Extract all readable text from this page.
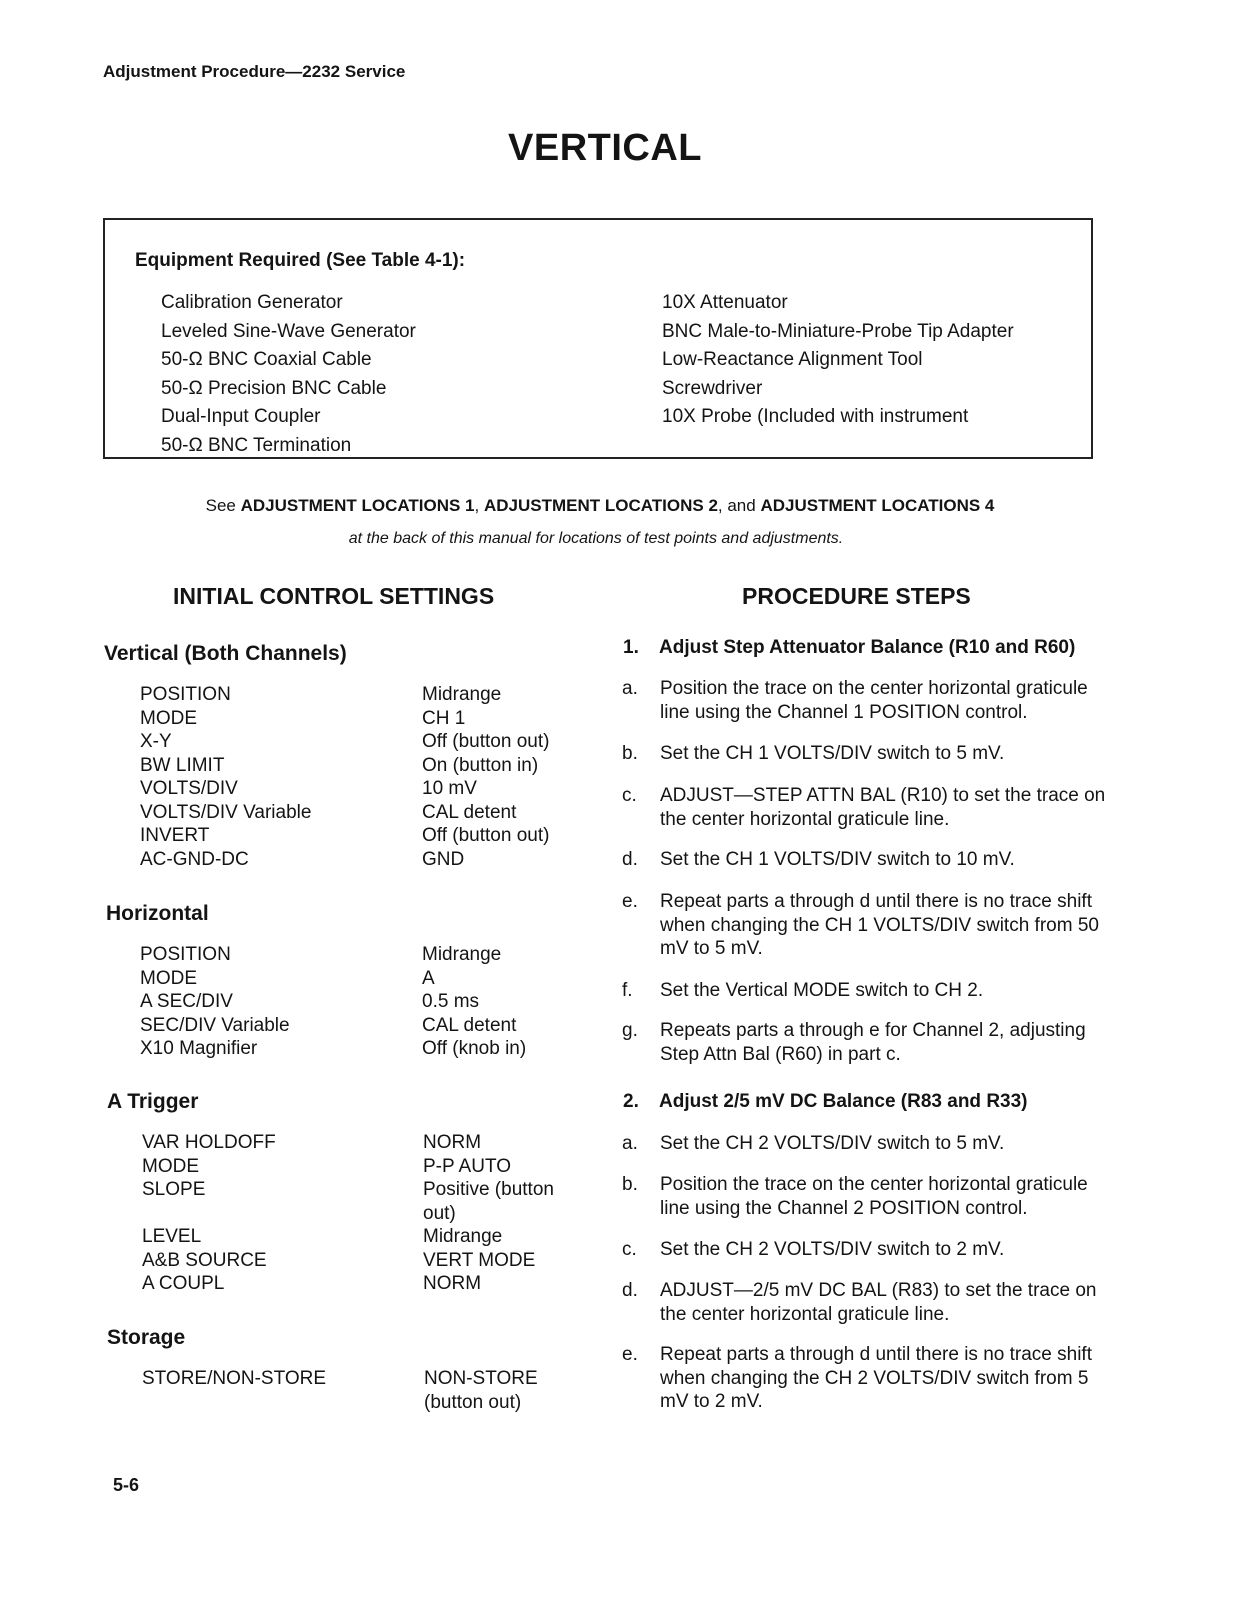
Adjustment Procedure—2232 Service
VERTICAL
Equipment Required (See Table 4-1):
Calibration Generator
Leveled Sine-Wave Generator
50-Ω BNC Coaxial Cable
50-Ω Precision BNC Cable
Dual-Input Coupler
50-Ω BNC Termination
10X Attenuator
BNC Male-to-Miniature-Probe Tip Adapter
Low-Reactance Alignment Tool
Screwdriver
10X Probe (Included with instrument
See ADJUSTMENT LOCATIONS 1, ADJUSTMENT LOCATIONS 2, and ADJUSTMENT LOCATIONS 4
at the back of this manual for locations of test points and adjustments.
INITIAL CONTROL SETTINGS	PROCEDURE STEPS
Vertical (Both Channels)
POSITION
MODE
X-Y
BW LIMIT
VOLTS/DIV
VOLTS/DIV Variable
INVERT
AC-GND-DC
Midrange
CH 1
Off (button out)
On (button in)
10 mV
CAL detent
Off (button out)
GND
Horizontal
POSITION
MODE
A SEC/DIV
SEC/DIV Variable
X10 Magnifier
Midrange
A
0.5 ms
CAL detent
Off (knob in)
A Trigger
VAR HOLDOFF
MODE
SLOPE
LEVEL
A&B SOURCE
A COUPL
NORM
P-P AUTO
Positive (button
out)
Midrange
VERT MODE
NORM
Storage
STORE/NON-STORE	NON-STORE
(button out)
1. Adjust Step Attenuator Balance (R10 and R60)
a. Position the trace on the center horizontal graticule line using the Channel 1 POSITION control.
b. Set the CH 1 VOLTS/DIV switch to 5 mV.
c. ADJUST—STEP ATTN BAL (R10) to set the trace on the center horizontal graticule line.
d. Set the CH 1 VOLTS/DIV switch to 10 mV.
e. Repeat parts a through d until there is no trace shift when changing the CH 1 VOLTS/DIV switch from 50 mV to 5 mV.
f. Set the Vertical MODE switch to CH 2.
g. Repeats parts a through e for Channel 2, adjusting Step Attn Bal (R60) in part c.
2. Adjust 2/5 mV DC Balance (R83 and R33)
a. Set the CH 2 VOLTS/DIV switch to 5 mV.
b. Position the trace on the center horizontal graticule line using the Channel 2 POSITION control.
c. Set the CH 2 VOLTS/DIV switch to 2 mV.
d. ADJUST—2/5 mV DC BAL (R83) to set the trace on the center horizontal graticule line.
e. Repeat parts a through d until there is no trace shift when changing the CH 2 VOLTS/DIV switch from 5 mV to 2 mV.
5-6
